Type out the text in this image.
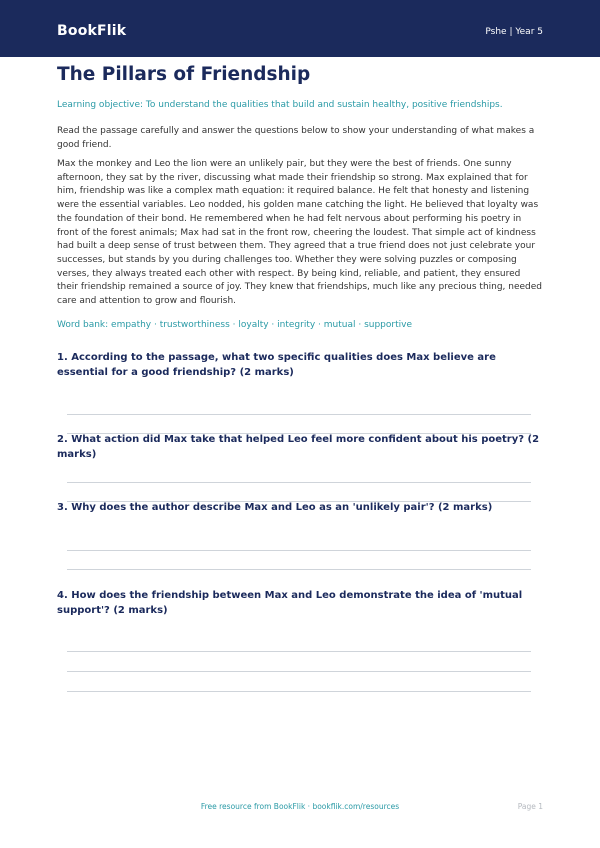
BookFlik	Pshe | Year 5
The Pillars of Friendship
Learning objective: To understand the qualities that build and sustain healthy, positive friendships.
Read the passage carefully and answer the questions below to show your understanding of what makes a good friend.
Max the monkey and Leo the lion were an unlikely pair, but they were the best of friends. One sunny afternoon, they sat by the river, discussing what made their friendship so strong. Max explained that for him, friendship was like a complex math equation: it required balance. He felt that honesty and listening were the essential variables. Leo nodded, his golden mane catching the light. He believed that loyalty was the foundation of their bond. He remembered when he had felt nervous about performing his poetry in front of the forest animals; Max had sat in the front row, cheering the loudest. That simple act of kindness had built a deep sense of trust between them. They agreed that a true friend does not just celebrate your successes, but stands by you during challenges too. Whether they were solving puzzles or composing verses, they always treated each other with respect. By being kind, reliable, and patient, they ensured their friendship remained a source of joy. They knew that friendships, much like any precious thing, needed care and attention to grow and flourish.
Word bank: empathy · trustworthiness · loyalty · integrity · mutual · supportive
1. According to the passage, what two specific qualities does Max believe are essential for a good friendship? (2 marks)
2. What action did Max take that helped Leo feel more confident about his poetry? (2 marks)
3. Why does the author describe Max and Leo as an 'unlikely pair'? (2 marks)
4. How does the friendship between Max and Leo demonstrate the idea of 'mutual support'? (2 marks)
Free resource from BookFlik · bookflik.com/resources	Page 1
